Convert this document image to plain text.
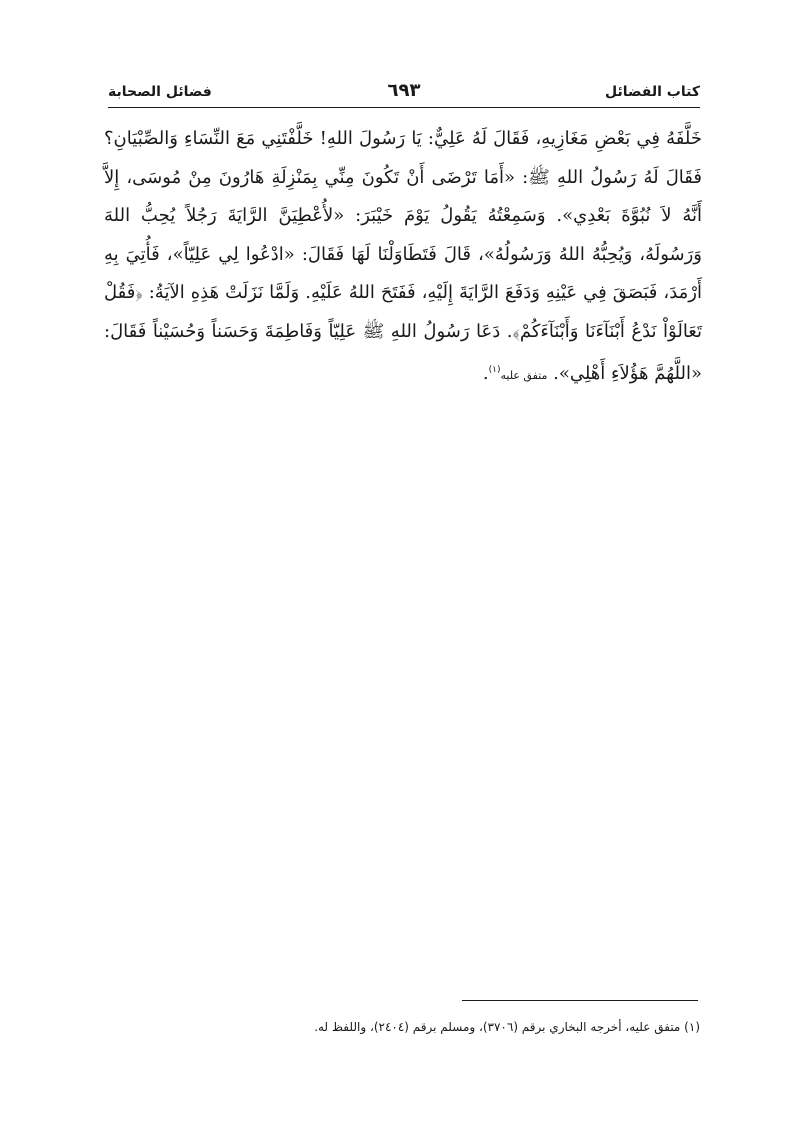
كتاب الفضائل
٦٩٣
فضائل الصحابة
خَلَّفَهُ فِي بَعْضِ مَغَازِيهِ، فَقَالَ لَهُ عَلِيٌّ: يَا رَسُولَ اللهِ! خَلَّفْتَنِي مَعَ النِّسَاءِ وَالصِّبْيَانِ؟ فَقَالَ لَهُ رَسُولُ اللهِ ﷺ: «أَمَا تَرْضَى أَنْ تَكُونَ مِنِّي بِمَنْزِلَةِ هَارُونَ مِنْ مُوسَى، إِلاَّ أَنَّهُ لاَ نُبُوَّةَ بَعْدِي». وَسَمِعْتُهُ يَقُولُ يَوْمَ خَيْبَرَ: «لأُعْطِيَنَّ الرَّايَةَ رَجُلاً يُحِبُّ اللهَ وَرَسُولَهُ، وَيُحِبُّهُ اللهُ وَرَسُولُهُ»، قَالَ فَتَطَاوَلْنَا لَهَا فَقَالَ: «ادْعُوا لِي عَلِيّاً»، فَأُتِيَ بِهِ أَرْمَدَ، فَبَصَقَ فِي عَيْنِهِ وَدَفَعَ الرَّايَةَ إِلَيْهِ، فَفَتَحَ اللهُ عَلَيْهِ. وَلَمَّا نَزَلَتْ هَذِهِ الآيَةُ: ﴿فَقُلْ تَعَالَوْاْ نَدْعُ أَبْنَآءَنَا وَأَبْنَآءَكُمْ﴾. دَعَا رَسُولُ اللهِ ﷺ عَلِيّاً وَفَاطِمَةَ وَحَسَناً وَحُسَيْناً فَقَالَ: «اللَّهُمَّ هَؤُلاَءِ أَهْلِي». متفق عليه$^{(١)}$.
(١) متفق عليه، أخرجه البخاري برقم (٣٧٠٦)، ومسلم برقم (٢٤٠٤)، واللفظ له.
